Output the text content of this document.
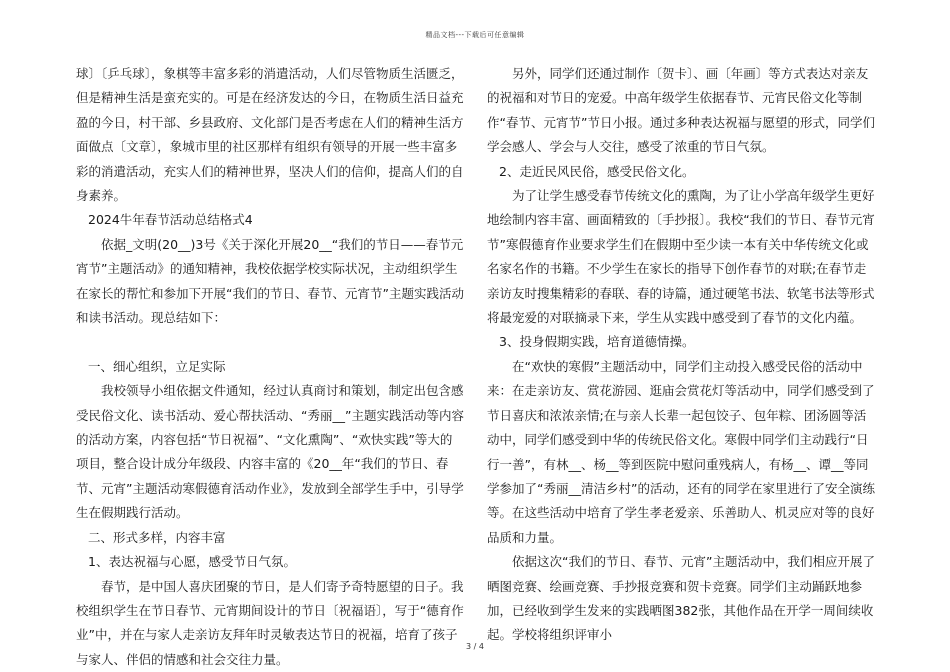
精品文档---下载后可任意编辑

球〕〔乒乓球〕，象棋等丰富多彩的消遣活动，人们尽管物质生活匮乏，但是精神生活是蛮充实的。可是在经济发达的今日，在物质生活日益充盈的今日，村干部、乡县政府、文化部门是否考虑在人们的精神生活方面做点〔文章〕，象城市里的社区那样有组织有领导的开展一些丰富多彩的消遣活动，充实人们的精神世界，坚决人们的信仰，提高人们的自身素养。

2024牛年春节活动总结格式4

依据_文明(20__)3号《关于深化开展20__“我们的节日——春节元宵节”主题活动》的通知精神，我校依据学校实际状况，主动组织学生在家长的帮忙和参加下开展“我们的节日、春节、元宵节”主题实践活动和读书活动。现总结如下：

一、细心组织，立足实际

我校领导小组依据文件通知，经过认真商讨和策划，制定出包含感受民俗文化、读书活动、爱心帮扶活动、“秀丽__”主题实践活动等内容的活动方案，内容包括“节日祝福”、“文化熏陶”、“欢快实践”等大的项目，整合设计成分年级段、内容丰富的《20__年“我们的节日、春节、元宵”主题活动寒假德育活动作业》，发放到全部学生手中，引导学生在假期践行活动。

二、形式多样，内容丰富

1、表达祝福与心愿，感受节日气氛。

春节，是中国人喜庆团聚的节日，是人们寄予奇特愿望的日子。我校组织学生在节日春节、元宵期间设计的节日〔祝福语〕，写于“德育作业”中，并在与家人走亲访友拜年时灵敏表达节日的祝福，培育了孩子与家人、伴侣的情感和社会交往力量。

另外，同学们还通过制作〔贺卡〕、画〔年画〕等方式表达对亲友的祝福和对节日的宠爱。中高年级学生依据春节、元宵民俗文化等制作“春节、元宵节”节日小报。通过多种表达祝福与愿望的形式，同学们学会感人、学会与人交往，感受了浓重的节日气氛。

2、走近民风民俗，感受民俗文化。

为了让学生感受春节传统文化的熏陶，为了让小学高年级学生更好地绘制内容丰富、画面精致的〔手抄报〕。我校“我们的节日、春节元宵节”寒假德育作业要求学生们在假期中至少读一本有关中华传统文化或名家名作的书籍。不少学生在家长的指导下创作春节的对联;在春节走亲访友时搜集精彩的春联、春的诗篇，通过硬笔书法、软笔书法等形式将最宠爱的对联摘录下来，学生从实践中感受到了春节的文化内蕴。

3、投身假期实践，培育道德情操。

在“欢快的寒假”主题活动中，同学们主动投入感受民俗的活动中来：在走亲访友、赏花游园、逛庙会赏花灯等活动中，同学们感受到了节日喜庆和浓浓亲情;在与亲人长辈一起包饺子、包年粽、团汤圆等活动中，同学们感受到中华的传统民俗文化。寒假中同学们主动践行“日行一善”，有林__、杨__等到医院中慰问重残病人，有杨__、谭__等同学参加了“秀丽__清洁乡村”的活动，还有的同学在家里进行了安全演练等。在这些活动中培育了学生孝老爱亲、乐善助人、机灵应对等的良好品质和力量。

依据这次“我们的节日、春节、元宵”主题活动中，我们相应开展了晒图竞赛、绘画竞赛、手抄报竞赛和贺卡竞赛。同学们主动踊跃地参加，已经收到学生发来的实践晒图382张，其他作品在开学一周间续收起。学校将组织评审小

3 / 4
